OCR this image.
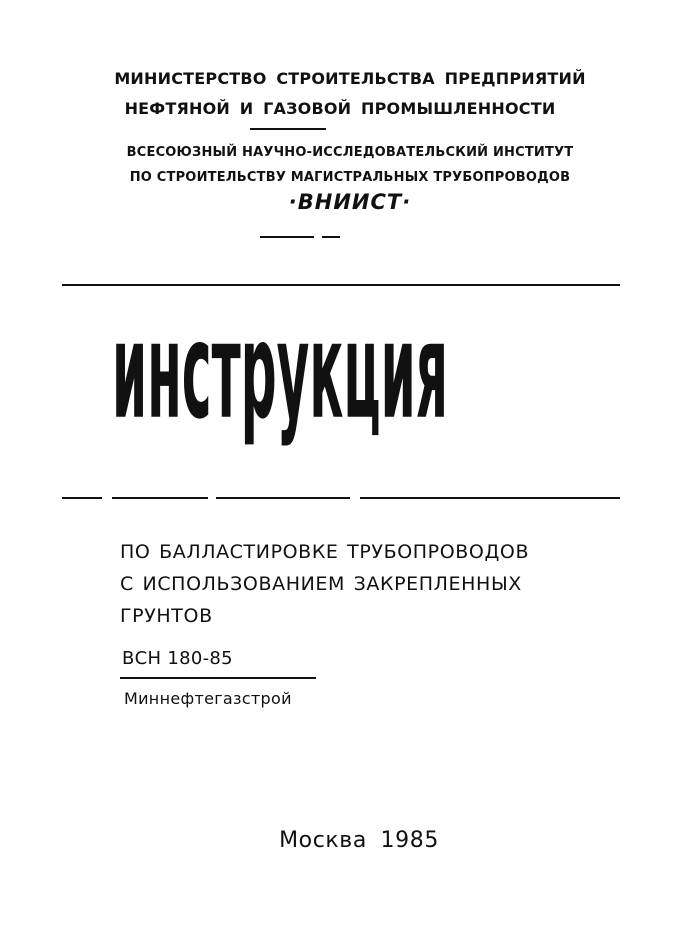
МИНИСТЕРСТВО СТРОИТЕЛЬСТВА ПРЕДПРИЯТИЙ
НЕФТЯНОЙ И ГАЗОВОЙ ПРОМЫШЛЕННОСТИ
ВСЕСОЮЗНЫЙ НАУЧНО-ИССЛЕДОВАТЕЛЬСКИЙ ИНСТИТУТ
ПО СТРОИТЕЛЬСТВУ МАГИСТРАЛЬНЫХ ТРУБОПРОВОДОВ
·ВНИИСТ·
инструкция
ПО БАЛЛАСТИРОВКЕ ТРУБОПРОВОДОВ
С ИСПОЛЬЗОВАНИЕМ ЗАКРЕПЛЕННЫХ
ГРУНТОВ
ВСН 180-85
Миннефтегазстрой
Москва 1985
